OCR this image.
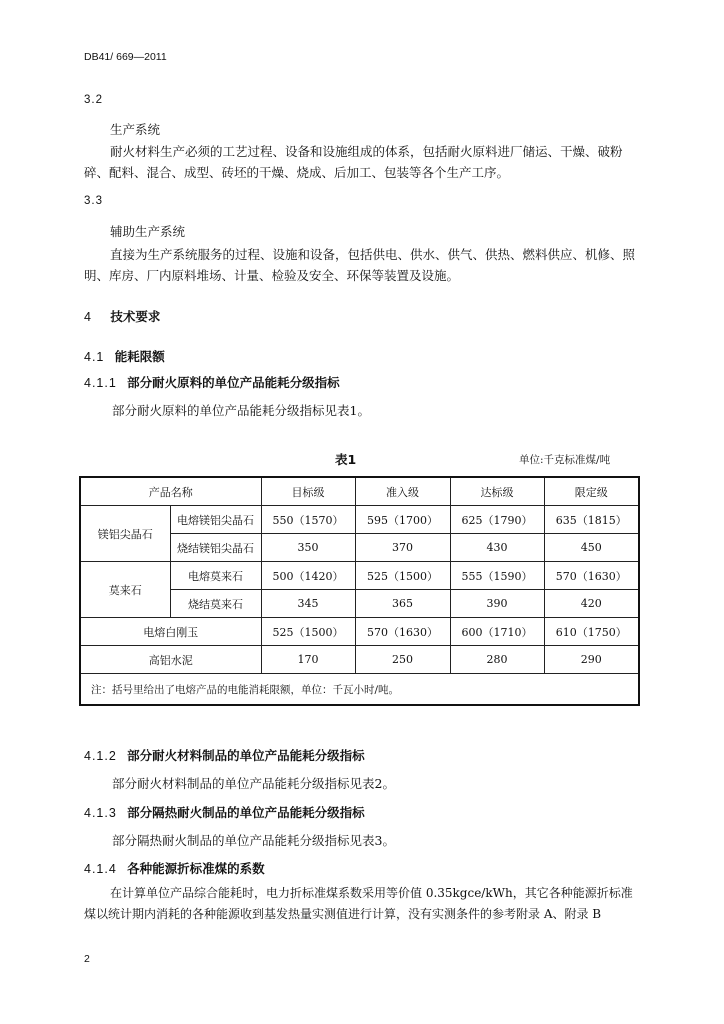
DB41/ 669—2011
3.2
生产系统
耐火材料生产必须的工艺过程、设备和设施组成的体系，包括耐火原料进厂储运、干燥、破粉碎、配料、混合、成型、砖坯的干燥、烧成、后加工、包装等各个生产工序。
3.3
辅助生产系统
直接为生产系统服务的过程、设施和设备，包括供电、供水、供气、供热、燃料供应、机修、照明、库房、厂内原料堆场、计量、检验及安全、环保等装置及设施。
4 技术要求
4.1 能耗限额
4.1.1 部分耐火原料的单位产品能耗分级指标
部分耐火原料的单位产品能耗分级指标见表1。
表1	单位:千克标准煤/吨
产品名称		目标级	准入级	达标级	限定级
镁铝尖晶石	电熔镁铝尖晶石	550（1570）	595（1700）	625（1790）	635（1815）
	烧结镁铝尖晶石	350	370	430	450
莫来石	电熔莫来石	500（1420）	525（1500）	555（1590）	570（1630）
	烧结莫来石	345	365	390	420
电熔白刚玉		525（1500）	570（1630）	600（1710）	610（1750）
高铝水泥		170	250	280	290
注：括号里给出了电熔产品的电能消耗限额，单位：千瓦小时/吨。					
4.1.2 部分耐火材料制品的单位产品能耗分级指标
部分耐火材料制品的单位产品能耗分级指标见表2。
4.1.3 部分隔热耐火制品的单位产品能耗分级指标
部分隔热耐火制品的单位产品能耗分级指标见表3。
4.1.4 各种能源折标准煤的系数
在计算单位产品综合能耗时，电力折标准煤系数采用等价值 0.35kgce/kWh，其它各种能源折标准煤以统计期内消耗的各种能源收到基发热量实测值进行计算，没有实测条件的参考附录 A、附录 B
2
